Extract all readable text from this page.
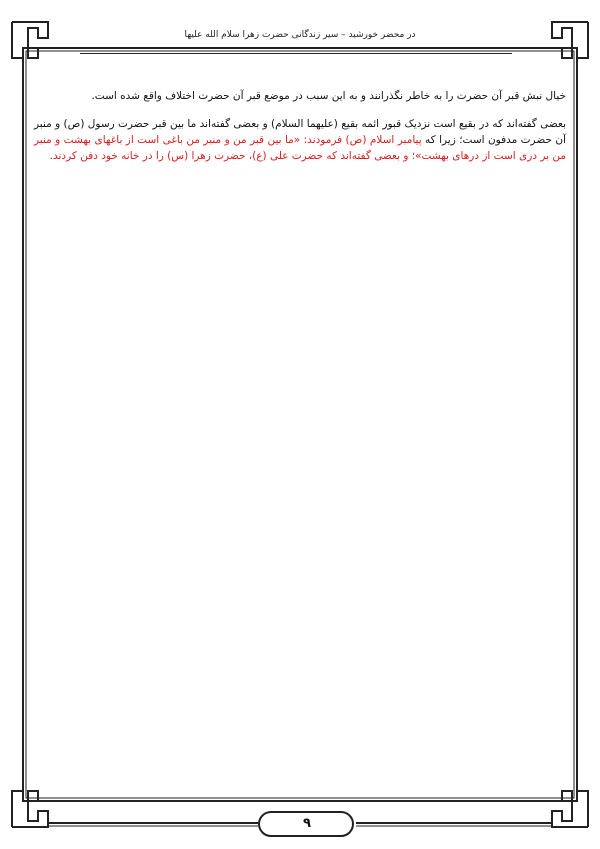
در محضر خورشید – سیر زندگانی حضرت زهرا سلام الله علیها

خیال نبش قبر آن حضرت را به خاطر نگذرانند و به این سبب در موضع قبر آن حضرت اختلاف واقع شده است.

بعضی گفته‌اند که در بقیع است نزدیک قبور ائمه بقیع (علیهما السلام) و بعضی گفته‌اند ما بین قبر حضرت رسول (ص) و منبر آن حضرت مدفون است؛ زیرا که پیامبر اسلام (ص) فرمودند: «ما بین قبر من و منبر من باغی است از باغهای بهشت و منبر من بر دری است از درهای بهشت»؛ و بعضی گفته‌اند که حضرت علی (ع)، حضرت زهرا (س) را در خانه خود دفن کردند.

۹
